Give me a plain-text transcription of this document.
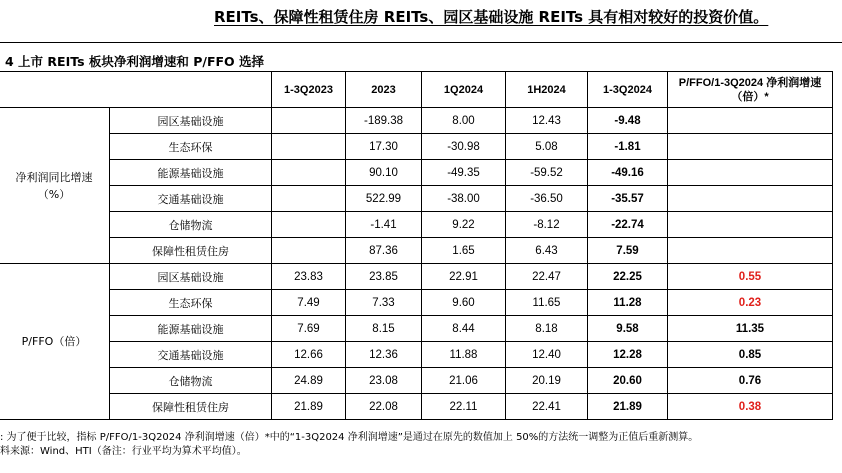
REITs、保障性租赁住房 REITs、园区基础设施 REITs 具有相对较好的投资价值。
4 上市 REITs 板块净利润增速和 P/FFO 选择
		1-3Q2023	2023	1Q2024	1H2024	1-3Q2024	P/FFO/1-3Q2024 净利润增速（倍）*
净利润同比增速
（%）	园区基础设施		-189.38	8.00	12.43	-9.48	
	生态环保		17.30	-30.98	5.08	-1.81	
	能源基础设施		90.10	-49.35	-59.52	-49.16	
	交通基础设施		522.99	-38.00	-36.50	-35.57	
	仓储物流		-1.41	9.22	-8.12	-22.74	
	保障性租赁住房		87.36	1.65	6.43	7.59	
P/FFO（倍）	园区基础设施	23.83	23.85	22.91	22.47	22.25	0.55
	生态环保	7.49	7.33	9.60	11.65	11.28	0.23
	能源基础设施	7.69	8.15	8.44	8.18	9.58	11.35
	交通基础设施	12.66	12.36	11.88	12.40	12.28	0.85
	仓储物流	24.89	23.08	21.06	20.19	20.60	0.76
	保障性租赁住房	21.89	22.08	22.11	22.41	21.89	0.38
: 为了便于比较，指标 P/FFO/1-3Q2024 净利润增速（倍）*中的“1-3Q2024 净利润增速”是通过在原先的数值加上 50%的方法统一调整为正值后重新测算。
料来源：Wind、HTI（备注：行业平均为算术平均值）。
